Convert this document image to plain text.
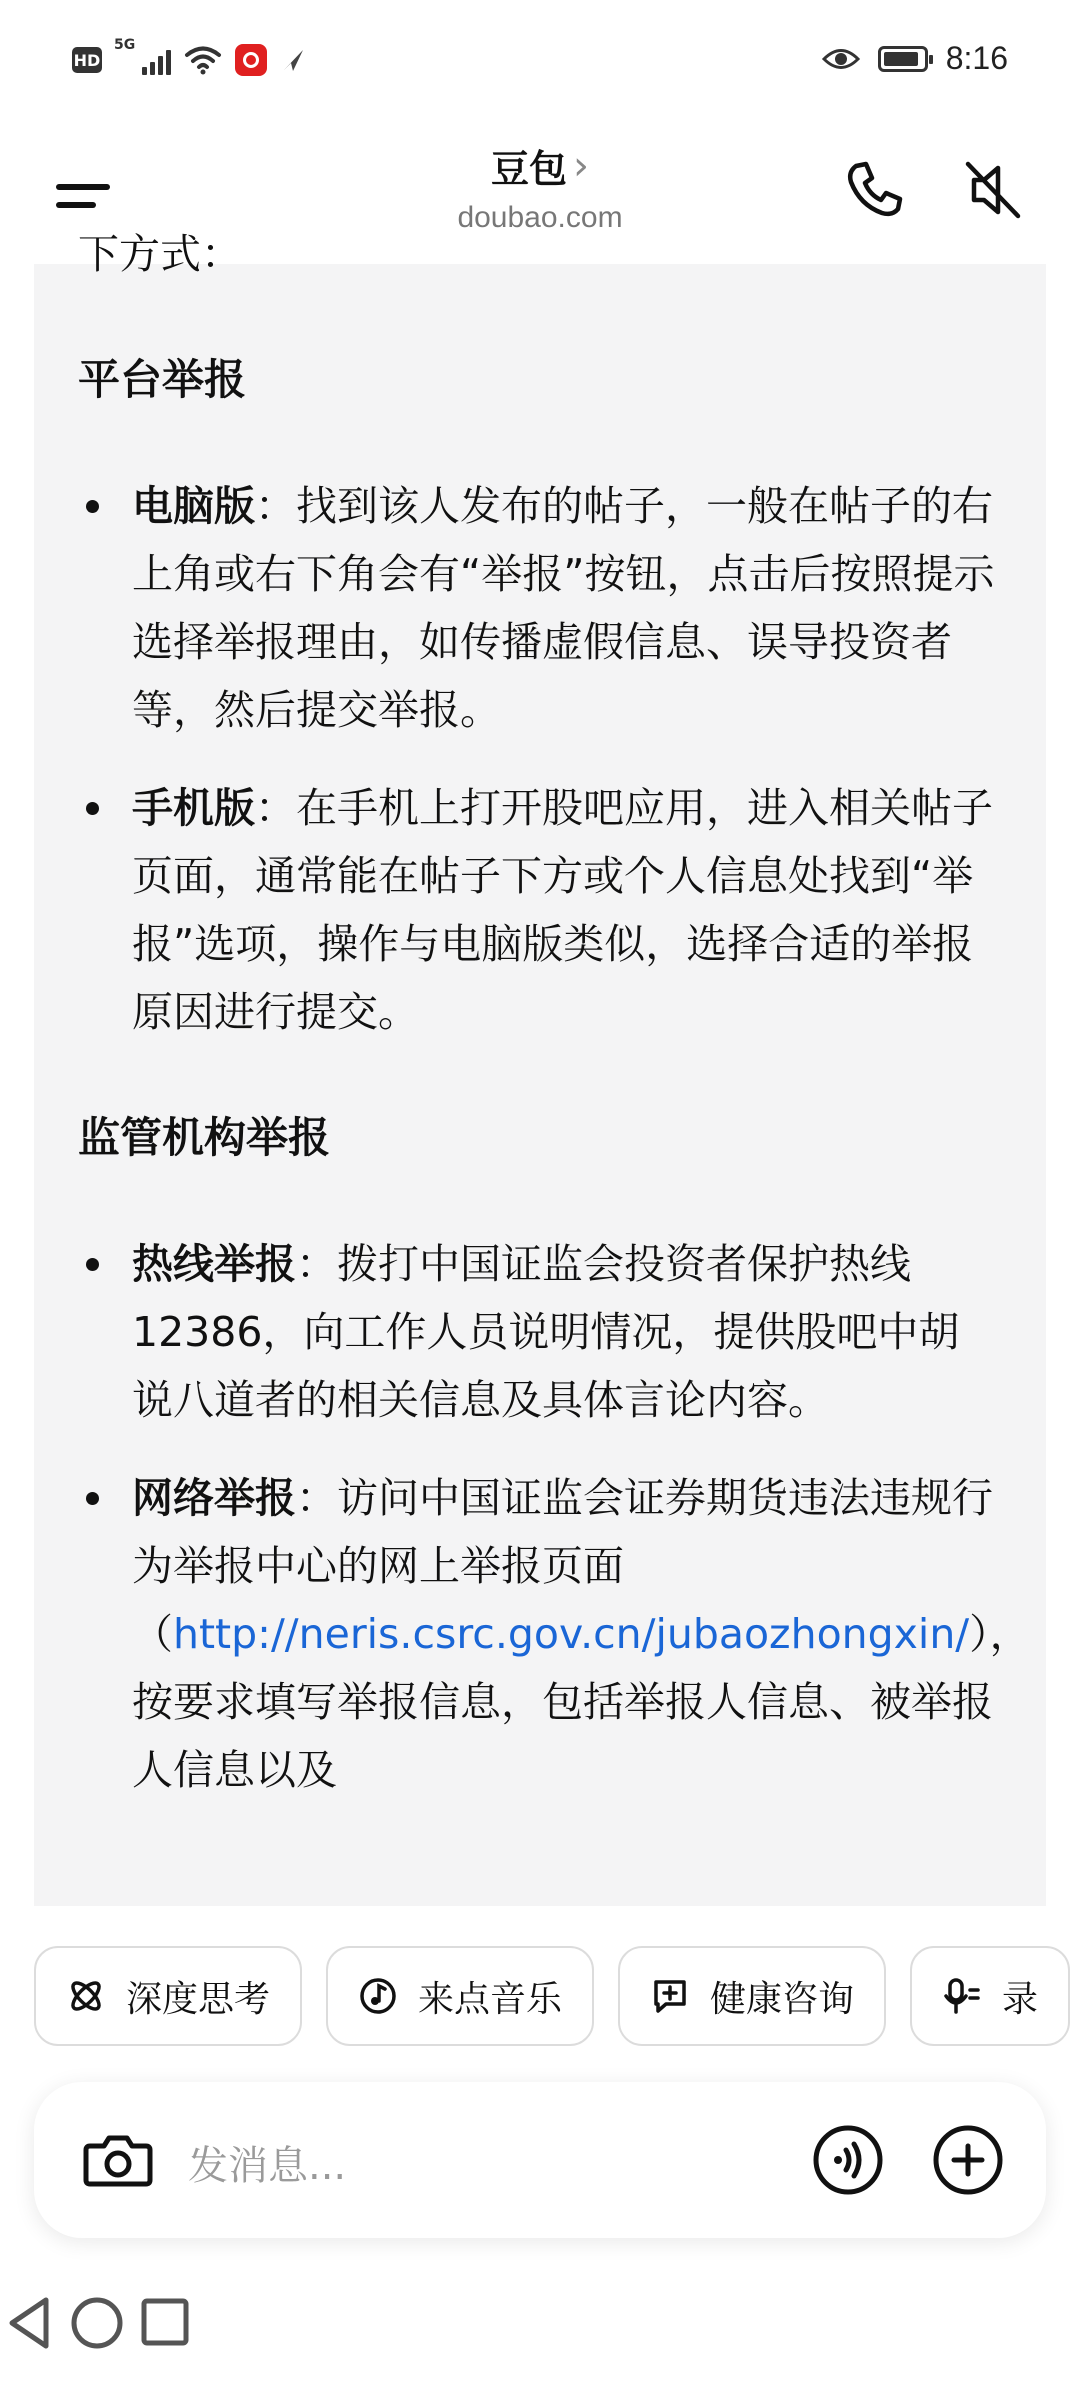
HD
5G	8:16
豆包 ›
doubao.com

下方式：

平台举报
电脑版：找到该人发布的帖子，一般在帖子的右上角或右下角会有“举报”按钮，点击后按照提示选择举报理由，如传播虚假信息、误导投资者等，然后提交举报。
手机版：在手机上打开股吧应用，进入相关帖子页面，通常能在帖子下方或个人信息处找到“举报”选项，操作与电脑版类似，选择合适的举报原因进行提交。
监管机构举报
热线举报：拨打中国证监会投资者保护热线12386，向工作人员说明情况，提供股吧中胡说八道者的相关信息及具体言论内容。
网络举报：访问中国证监会证券期货违法违规行为举报中心的网上举报页面（http://neris.csrc.gov.cn/jubaozhongxin/），按要求填写举报信息，包括举报人信息、被举报人信息以及
深度思考	来点音乐	健康咨询	录
发消息...
